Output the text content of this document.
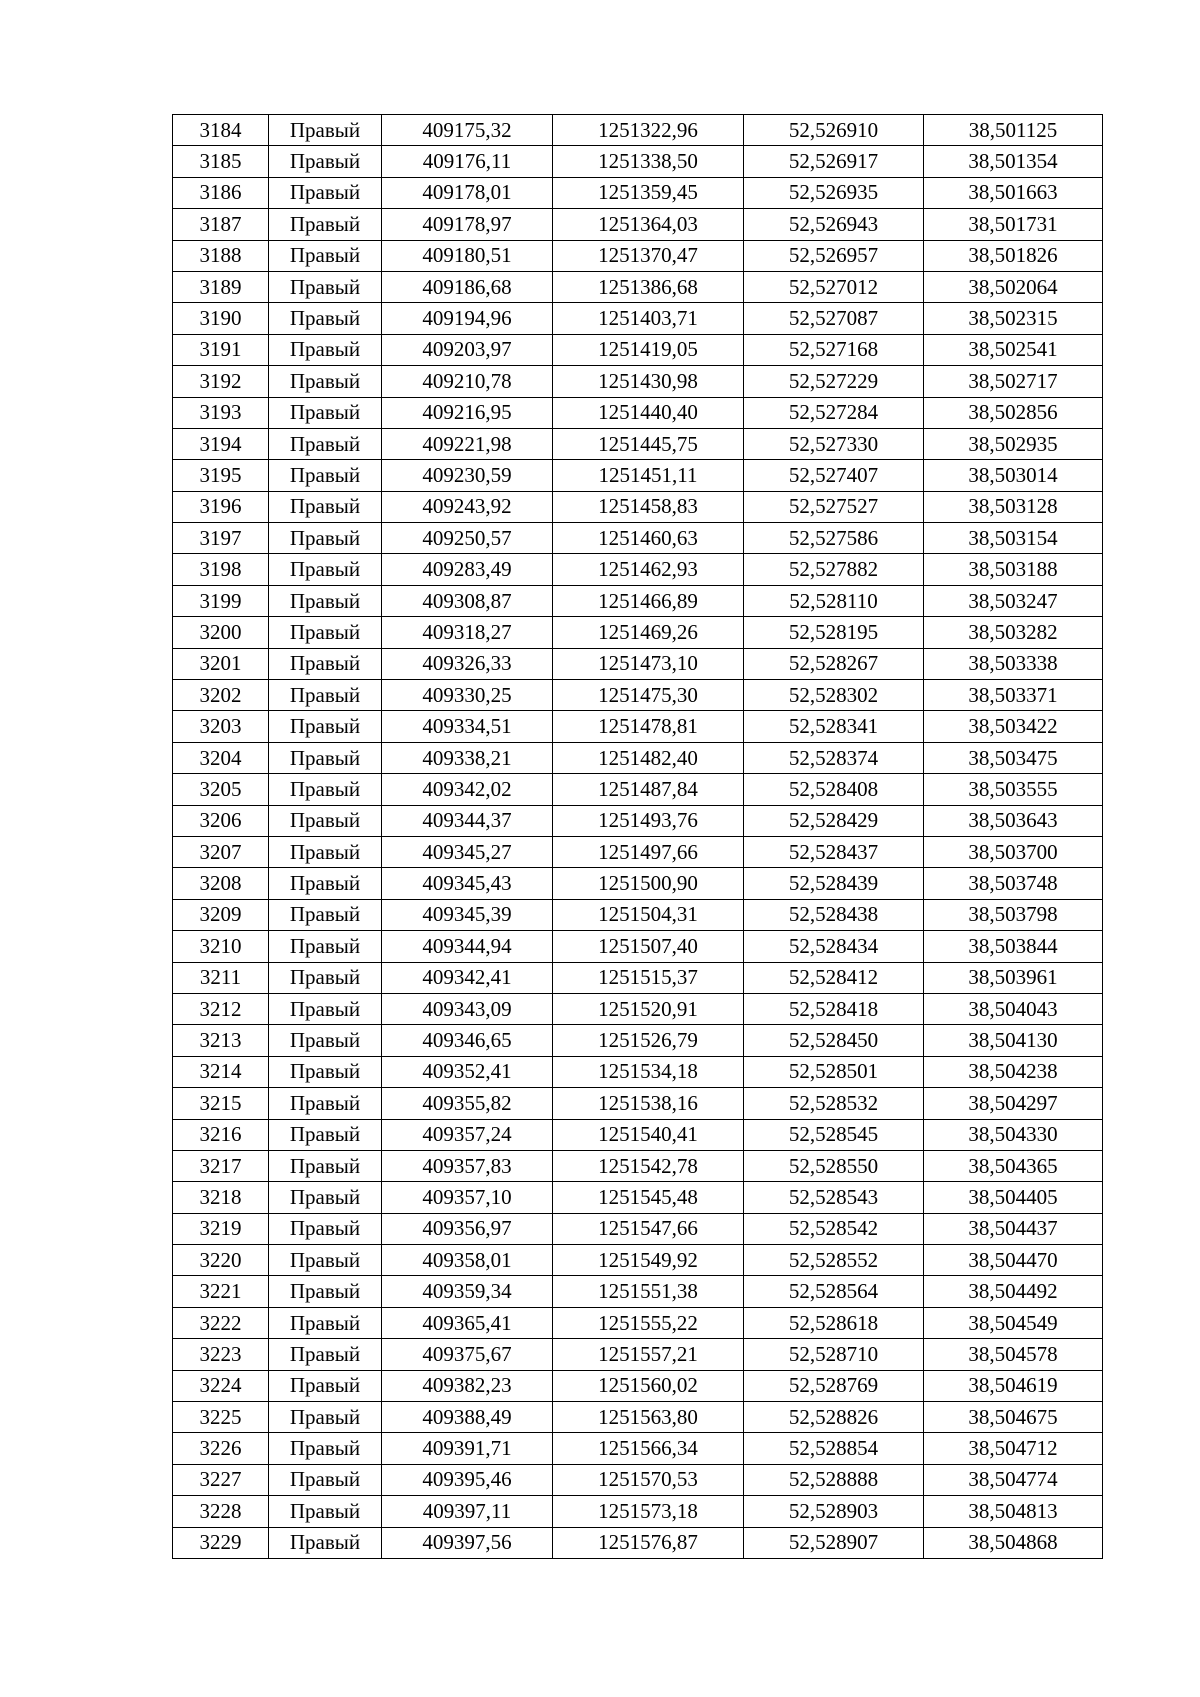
3184	Правый	409175,32	1251322,96	52,526910	38,501125
3185	Правый	409176,11	1251338,50	52,526917	38,501354
3186	Правый	409178,01	1251359,45	52,526935	38,501663
3187	Правый	409178,97	1251364,03	52,526943	38,501731
3188	Правый	409180,51	1251370,47	52,526957	38,501826
3189	Правый	409186,68	1251386,68	52,527012	38,502064
3190	Правый	409194,96	1251403,71	52,527087	38,502315
3191	Правый	409203,97	1251419,05	52,527168	38,502541
3192	Правый	409210,78	1251430,98	52,527229	38,502717
3193	Правый	409216,95	1251440,40	52,527284	38,502856
3194	Правый	409221,98	1251445,75	52,527330	38,502935
3195	Правый	409230,59	1251451,11	52,527407	38,503014
3196	Правый	409243,92	1251458,83	52,527527	38,503128
3197	Правый	409250,57	1251460,63	52,527586	38,503154
3198	Правый	409283,49	1251462,93	52,527882	38,503188
3199	Правый	409308,87	1251466,89	52,528110	38,503247
3200	Правый	409318,27	1251469,26	52,528195	38,503282
3201	Правый	409326,33	1251473,10	52,528267	38,503338
3202	Правый	409330,25	1251475,30	52,528302	38,503371
3203	Правый	409334,51	1251478,81	52,528341	38,503422
3204	Правый	409338,21	1251482,40	52,528374	38,503475
3205	Правый	409342,02	1251487,84	52,528408	38,503555
3206	Правый	409344,37	1251493,76	52,528429	38,503643
3207	Правый	409345,27	1251497,66	52,528437	38,503700
3208	Правый	409345,43	1251500,90	52,528439	38,503748
3209	Правый	409345,39	1251504,31	52,528438	38,503798
3210	Правый	409344,94	1251507,40	52,528434	38,503844
3211	Правый	409342,41	1251515,37	52,528412	38,503961
3212	Правый	409343,09	1251520,91	52,528418	38,504043
3213	Правый	409346,65	1251526,79	52,528450	38,504130
3214	Правый	409352,41	1251534,18	52,528501	38,504238
3215	Правый	409355,82	1251538,16	52,528532	38,504297
3216	Правый	409357,24	1251540,41	52,528545	38,504330
3217	Правый	409357,83	1251542,78	52,528550	38,504365
3218	Правый	409357,10	1251545,48	52,528543	38,504405
3219	Правый	409356,97	1251547,66	52,528542	38,504437
3220	Правый	409358,01	1251549,92	52,528552	38,504470
3221	Правый	409359,34	1251551,38	52,528564	38,504492
3222	Правый	409365,41	1251555,22	52,528618	38,504549
3223	Правый	409375,67	1251557,21	52,528710	38,504578
3224	Правый	409382,23	1251560,02	52,528769	38,504619
3225	Правый	409388,49	1251563,80	52,528826	38,504675
3226	Правый	409391,71	1251566,34	52,528854	38,504712
3227	Правый	409395,46	1251570,53	52,528888	38,504774
3228	Правый	409397,11	1251573,18	52,528903	38,504813
3229	Правый	409397,56	1251576,87	52,528907	38,504868
